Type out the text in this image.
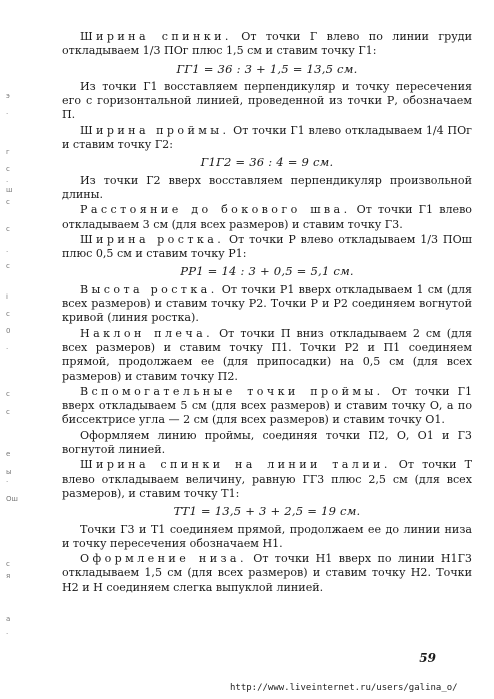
э
·
г
с
·
ш
с
с
·
с
і
с
0
·
с
с
е
ы
·
Ош
с
я
а
·

Ширина спинки. От точки Г влево по линии груди откладываем 1/3 ПОг плюс 1,5 см и ставим точку Г1:

ГГ1 = 36 : 3 + 1,5 = 13,5 см.

Из точки Г1 восставляем перпендикуляр и точку пересечения его с горизонтальной линией, проведенной из точки Р, обозначаем П.

Ширина проймы. От точки Г1 влево откладываем 1/4 ПОг и ставим точку Г2:

Г1Г2 = 36 : 4 = 9 см.

Из точки Г2 вверх восставляем перпендикуляр произвольной длины.

Расстояние до бокового шва. От точки Г1 влево откладываем 3 см (для всех размеров) и ставим точку Г3.

Ширина ростка. От точки Р влево откладываем 1/3 ПОш плюс 0,5 см и ставим точку Р1:

РР1 = 14 : 3 + 0,5 = 5,1 см.

Высота ростка. От точки Р1 вверх откладываем 1 см (для всех размеров) и ставим точку Р2. Точки Р и Р2 соединяем вогнутой кривой (линия ростка).

Наклон плеча. От точки П вниз откладываем 2 см (для всех размеров) и ставим точку П1. Точки Р2 и П1 соединяем прямой, продолжаем ее (для припосадки) на 0,5 см (для всех размеров) и ставим точку П2.

Вспомогательные точки проймы. От точки Г1 вверх откладываем 5 см (для всех размеров) и ставим точку О, а по биссектрисе угла — 2 см (для всех размеров) и ставим точку О1.

Оформляем линию проймы, соединяя точки П2, О, О1 и Г3 вогнутой линией.

Ширина спинки на линии талии. От точки Т влево откладываем величину, равную ГГ3 плюс 2,5 см (для всех размеров), и ставим точку Т1:

ТТ1 = 13,5 + 3 + 2,5 = 19 см.

Точки Г3 и Т1 соединяем прямой, продолжаем ее до линии низа и точку пересечения обозначаем Н1.

Оформление низа. От точки Н1 вверх по линии Н1Г3 откладываем 1,5 см (для всех размеров) и ставим точку Н2. Точки Н2 и Н соединяем слегка выпуклой линией.

59
http://www.liveinternet.ru/users/galina_o/
